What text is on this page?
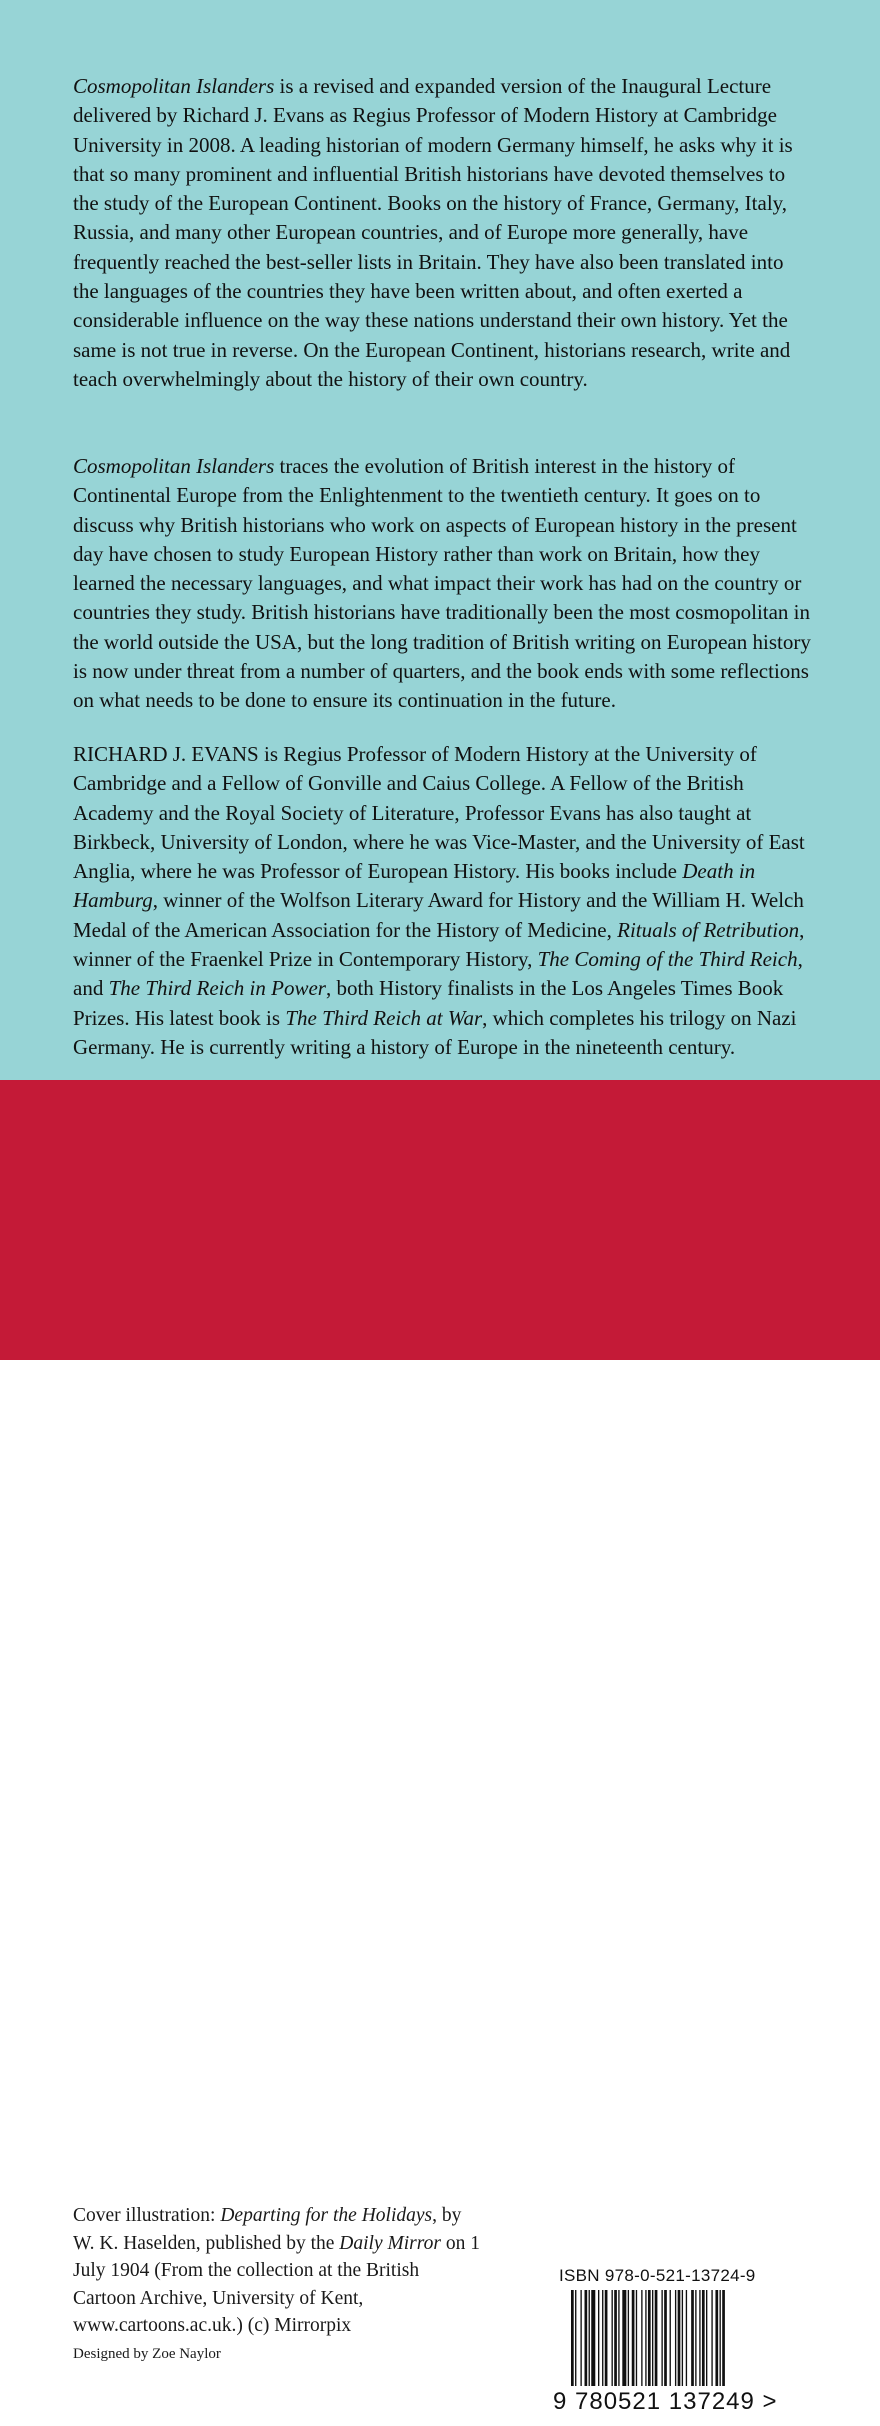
Cosmopolitan Islanders is a revised and expanded version of the Inaugural Lecture delivered by Richard J. Evans as Regius Professor of Modern History at Cambridge University in 2008. A leading historian of modern Germany himself, he asks why it is that so many prominent and influential British historians have devoted themselves to the study of the European Continent. Books on the history of France, Germany, Italy, Russia, and many other European countries, and of Europe more generally, have frequently reached the best-seller lists in Britain. They have also been translated into the languages of the countries they have been written about, and often exerted a considerable influence on the way these nations understand their own history. Yet the same is not true in reverse. On the European Continent, historians research, write and teach overwhelmingly about the history of their own country.

Cosmopolitan Islanders traces the evolution of British interest in the history of Continental Europe from the Enlightenment to the twentieth century. It goes on to discuss why British historians who work on aspects of European history in the present day have chosen to study European History rather than work on Britain, how they learned the necessary languages, and what impact their work has had on the country or countries they study. British historians have traditionally been the most cosmopolitan in the world outside the USA, but the long tradition of British writing on European history is now under threat from a number of quarters, and the book ends with some reflections on what needs to be done to ensure its continuation in the future.

RICHARD J. EVANS is Regius Professor of Modern History at the University of Cambridge and a Fellow of Gonville and Caius College. A Fellow of the British Academy and the Royal Society of Literature, Professor Evans has also taught at Birkbeck, University of London, where he was Vice-Master, and the University of East Anglia, where he was Professor of European History. His books include Death in Hamburg, winner of the Wolfson Literary Award for History and the William H. Welch Medal of the American Association for the History of Medicine, Rituals of Retribution, winner of the Fraenkel Prize in Contemporary History, The Coming of the Third Reich, and The Third Reich in Power, both History finalists in the Los Angeles Times Book Prizes. His latest book is The Third Reich at War, which completes his trilogy on Nazi Germany. He is currently writing a history of Europe in the nineteenth century.

Cover illustration: Departing for the Holidays, by W. K. Haselden, published by the Daily Mirror on 1 July 1904 (From the collection at the British Cartoon Archive, University of Kent, www.cartoons.ac.uk.) (c) Mirrorpix

Designed by Zoe Naylor

CAMBRIDGE
UNIVERSITY PRESS
www.cambridge.org
ISBN 978-0-521-13724-9
9 780521 137249 >
